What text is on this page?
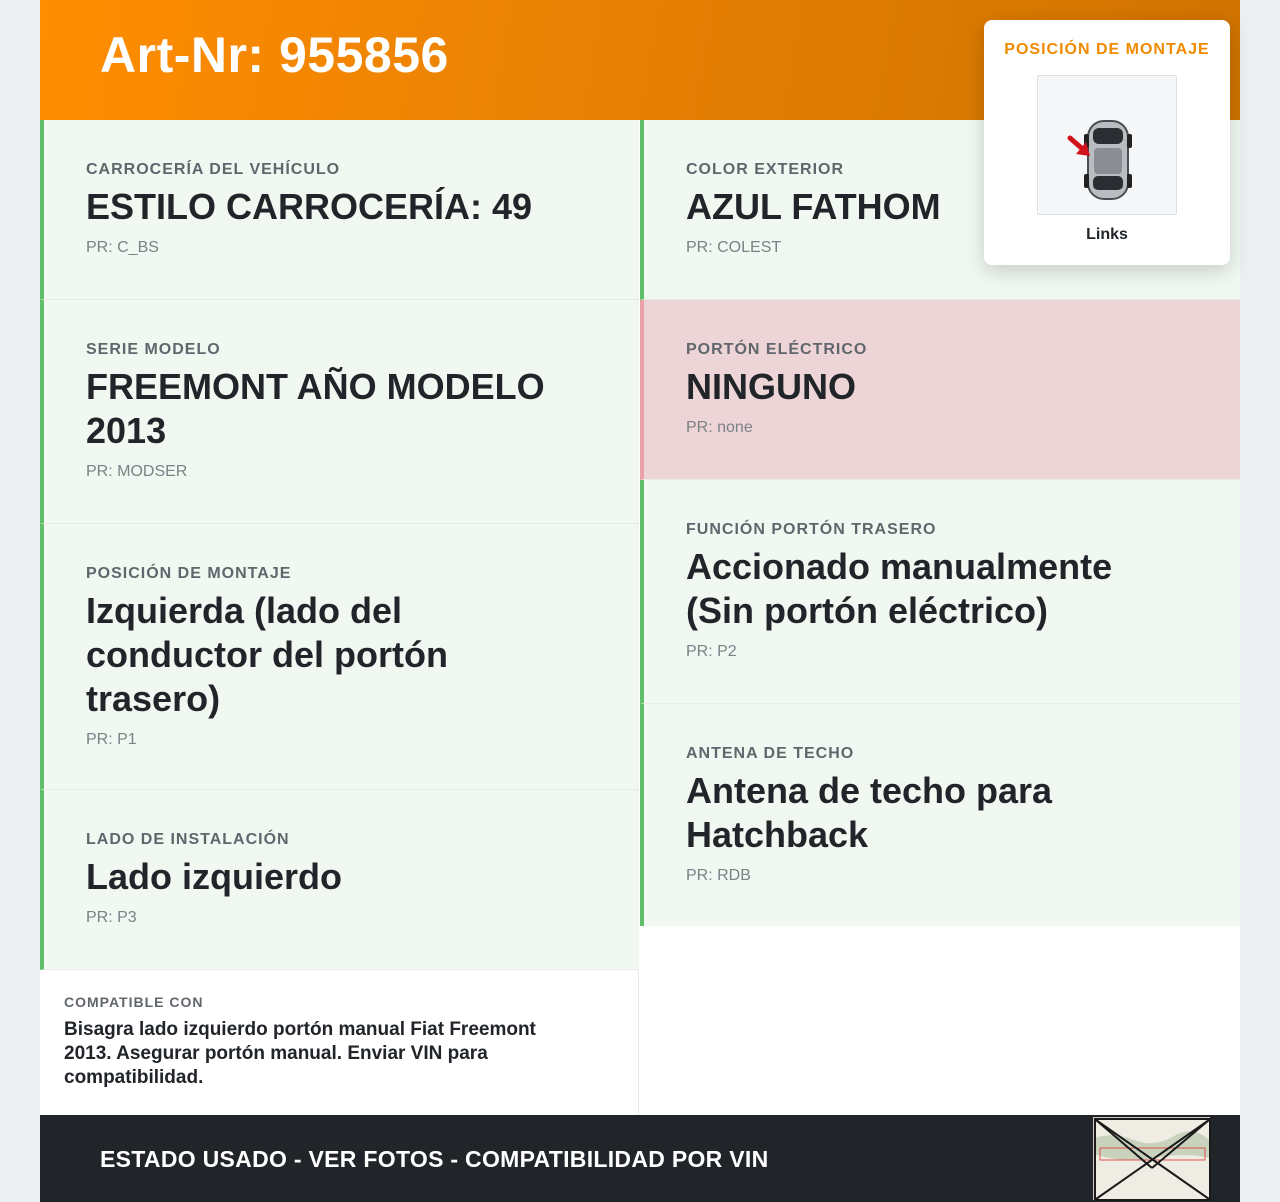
Art-Nr: 955856
CARROCERÍA DEL VEHÍCULO
ESTILO CARROCERÍA: 49
PR: C_BS
SERIE MODELO
FREEMONT AÑO MODELO 2013
PR: MODSER
POSICIÓN DE MONTAJE
Izquierda (lado del conductor del portón trasero)
PR: P1
LADO DE INSTALACIÓN
Lado izquierdo
PR: P3
COLOR EXTERIOR
AZUL FATHOM
PR: COLEST
PORTÓN ELÉCTRICO
NINGUNO
PR: none
FUNCIÓN PORTÓN TRASERO
Accionado manualmente (Sin portón eléctrico)
PR: P2
ANTENA DE TECHO
Antena de techo para Hatchback
PR: RDB
COMPATIBLE CON
Bisagra lado izquierdo portón manual Fiat Freemont 2013. Asegurar portón manual. Enviar VIN para compatibilidad.
ESTADO USADO - VER FOTOS - COMPATIBILIDAD POR VIN
POSICIÓN DE MONTAJE
Links
